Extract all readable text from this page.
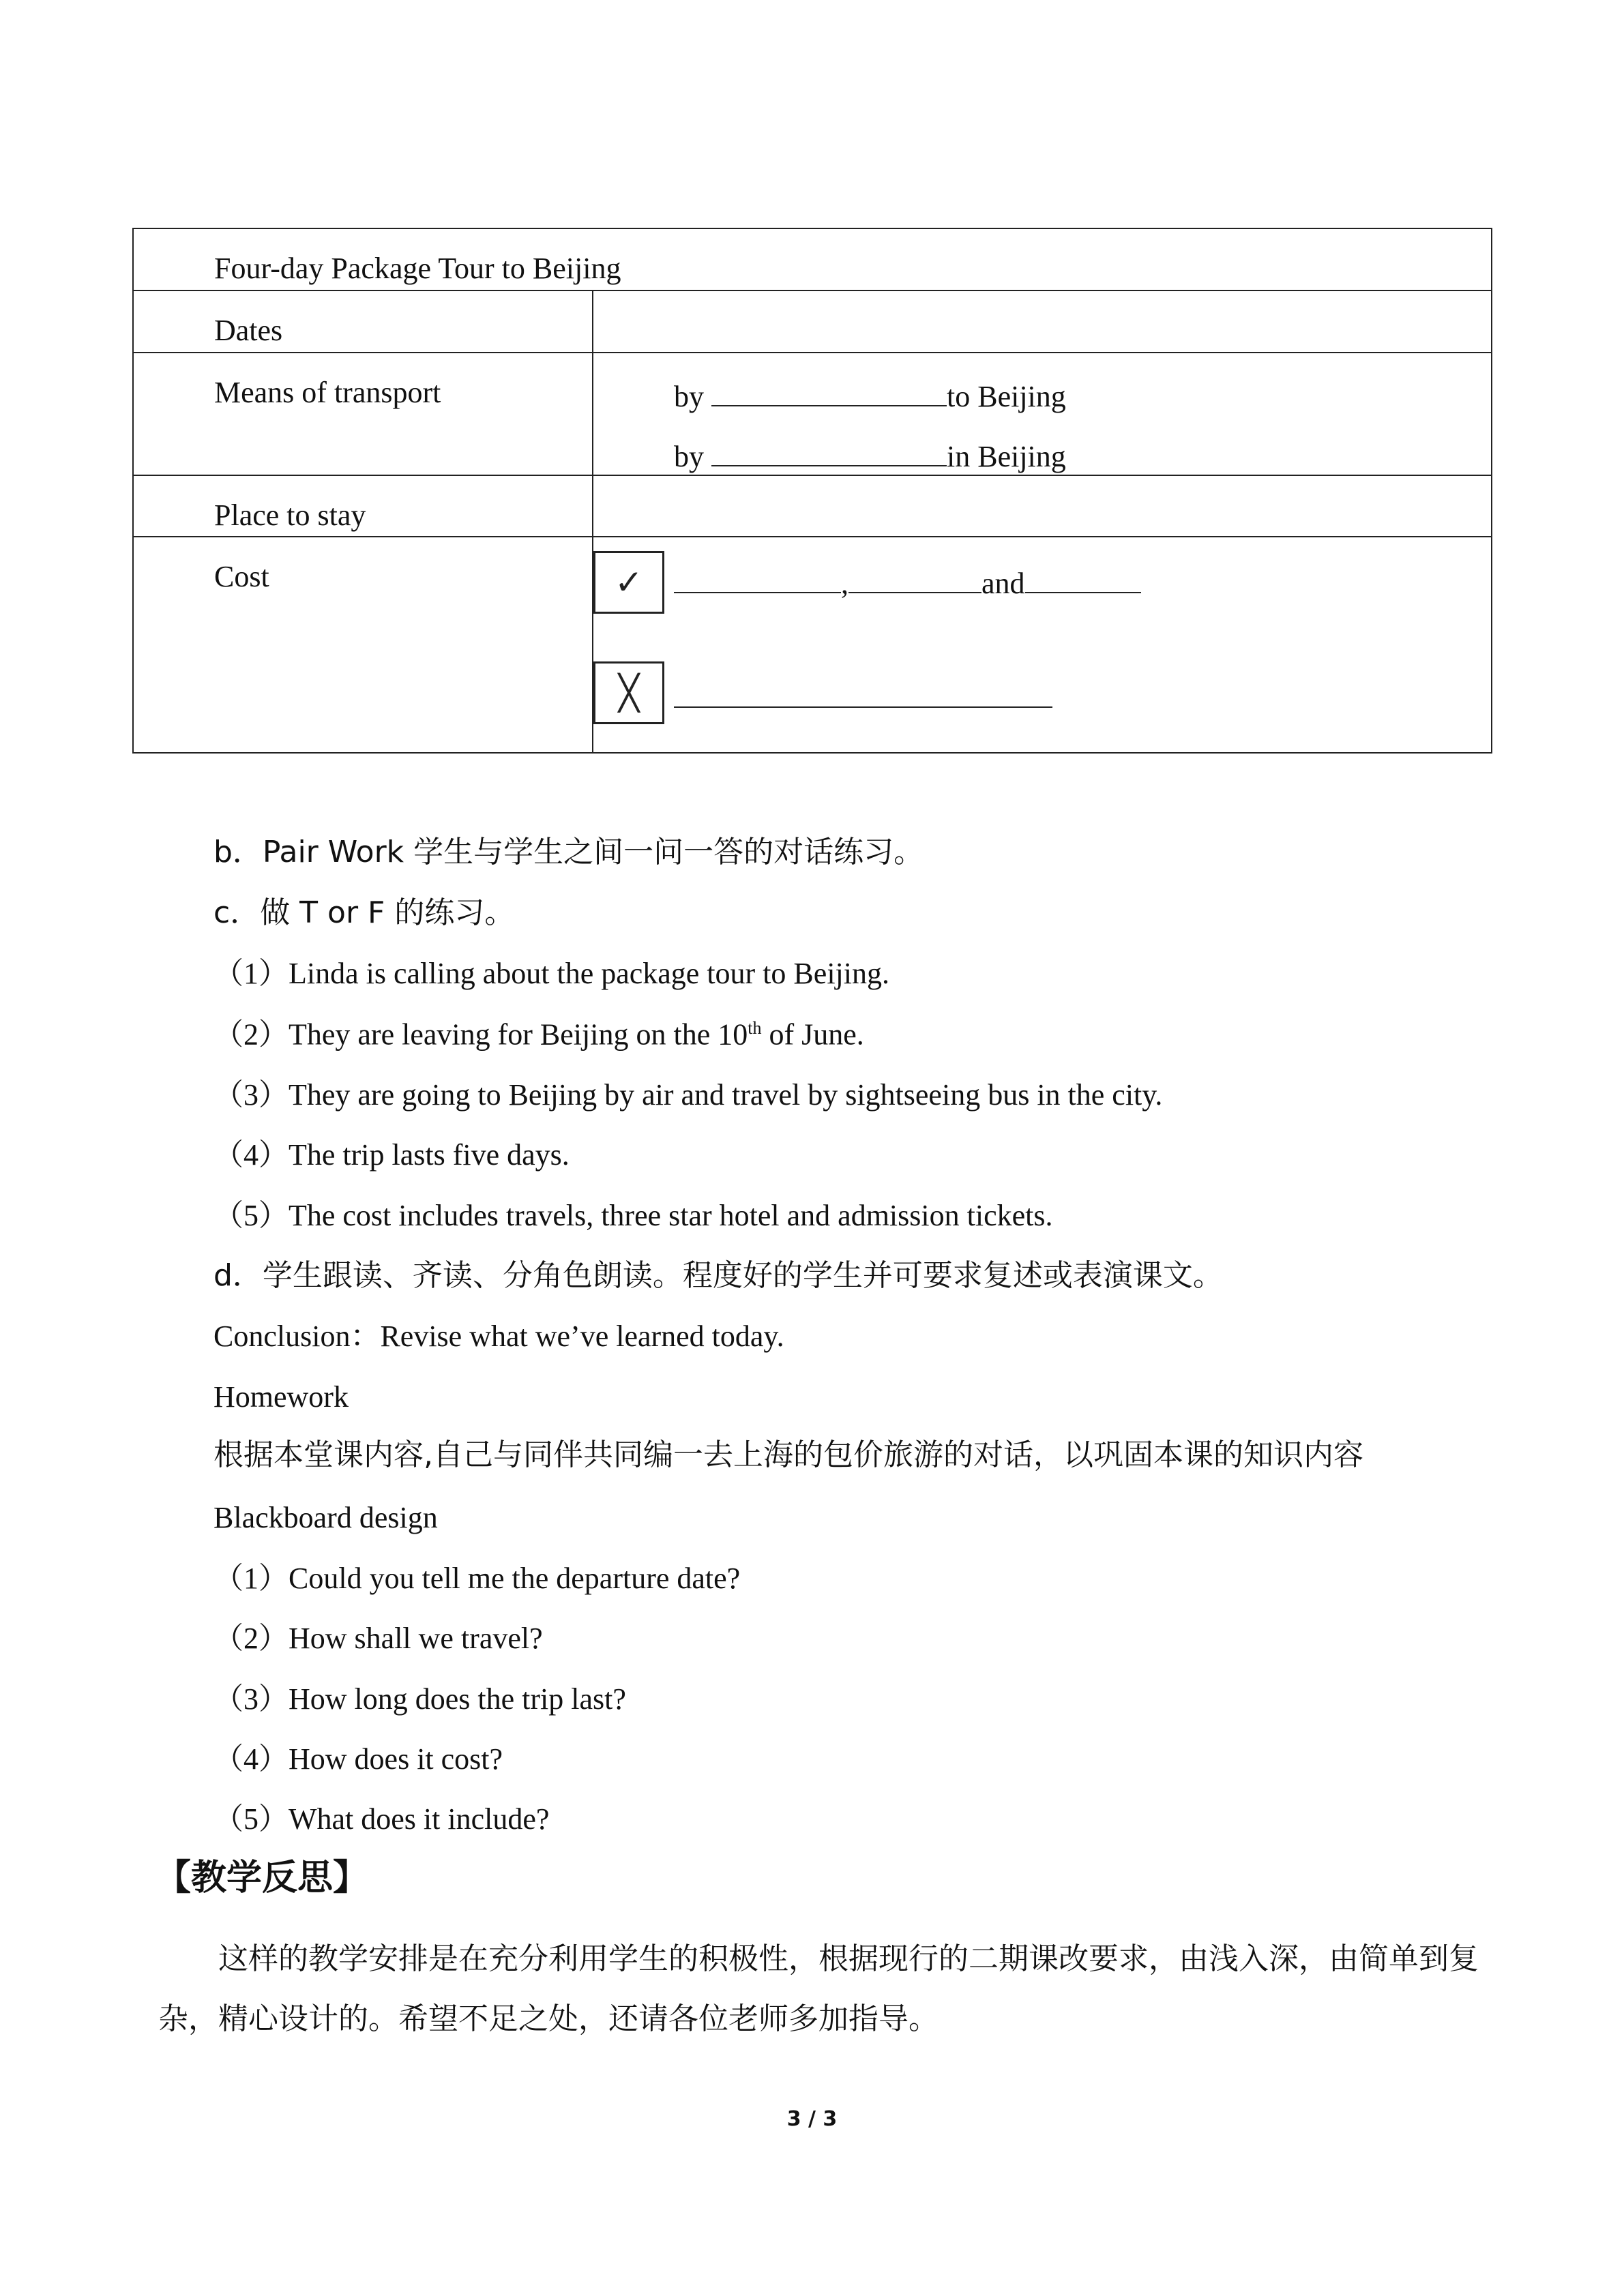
Four-day Package Tour to Beijing	

Dates	

Means of transport	by to Beijing
by in Beijing

Place to stay	

Cost	✓ , and
╳
b．Pair Work 学生与学生之间一问一答的对话练习。
c．做 T or F 的练习。
（1）Linda is calling about the package tour to Beijing.
（2）They are leaving for Beijing on the 10th of June.
（3）They are going to Beijing by air and travel by sightseeing bus in the city.
（4）The trip lasts five days.
（5）The cost includes travels, three star hotel and admission tickets.
d．学生跟读、齐读、分角色朗读。程度好的学生并可要求复述或表演课文。
Conclusion：Revise what we’ve learned today.
Homework
根据本堂课内容,自己与同伴共同编一去上海的包价旅游的对话，以巩固本课的知识内容
Blackboard design
（1）Could you tell me the departure date?
（2）How shall we travel?
（3）How long does the trip last?
（4）How does it cost?
（5）What does it include?
【教学反思】
这样的教学安排是在充分利用学生的积极性，根据现行的二期课改要求，由浅入深，由简单到复杂，精心设计的。希望不足之处，还请各位老师多加指导。
3 / 3
